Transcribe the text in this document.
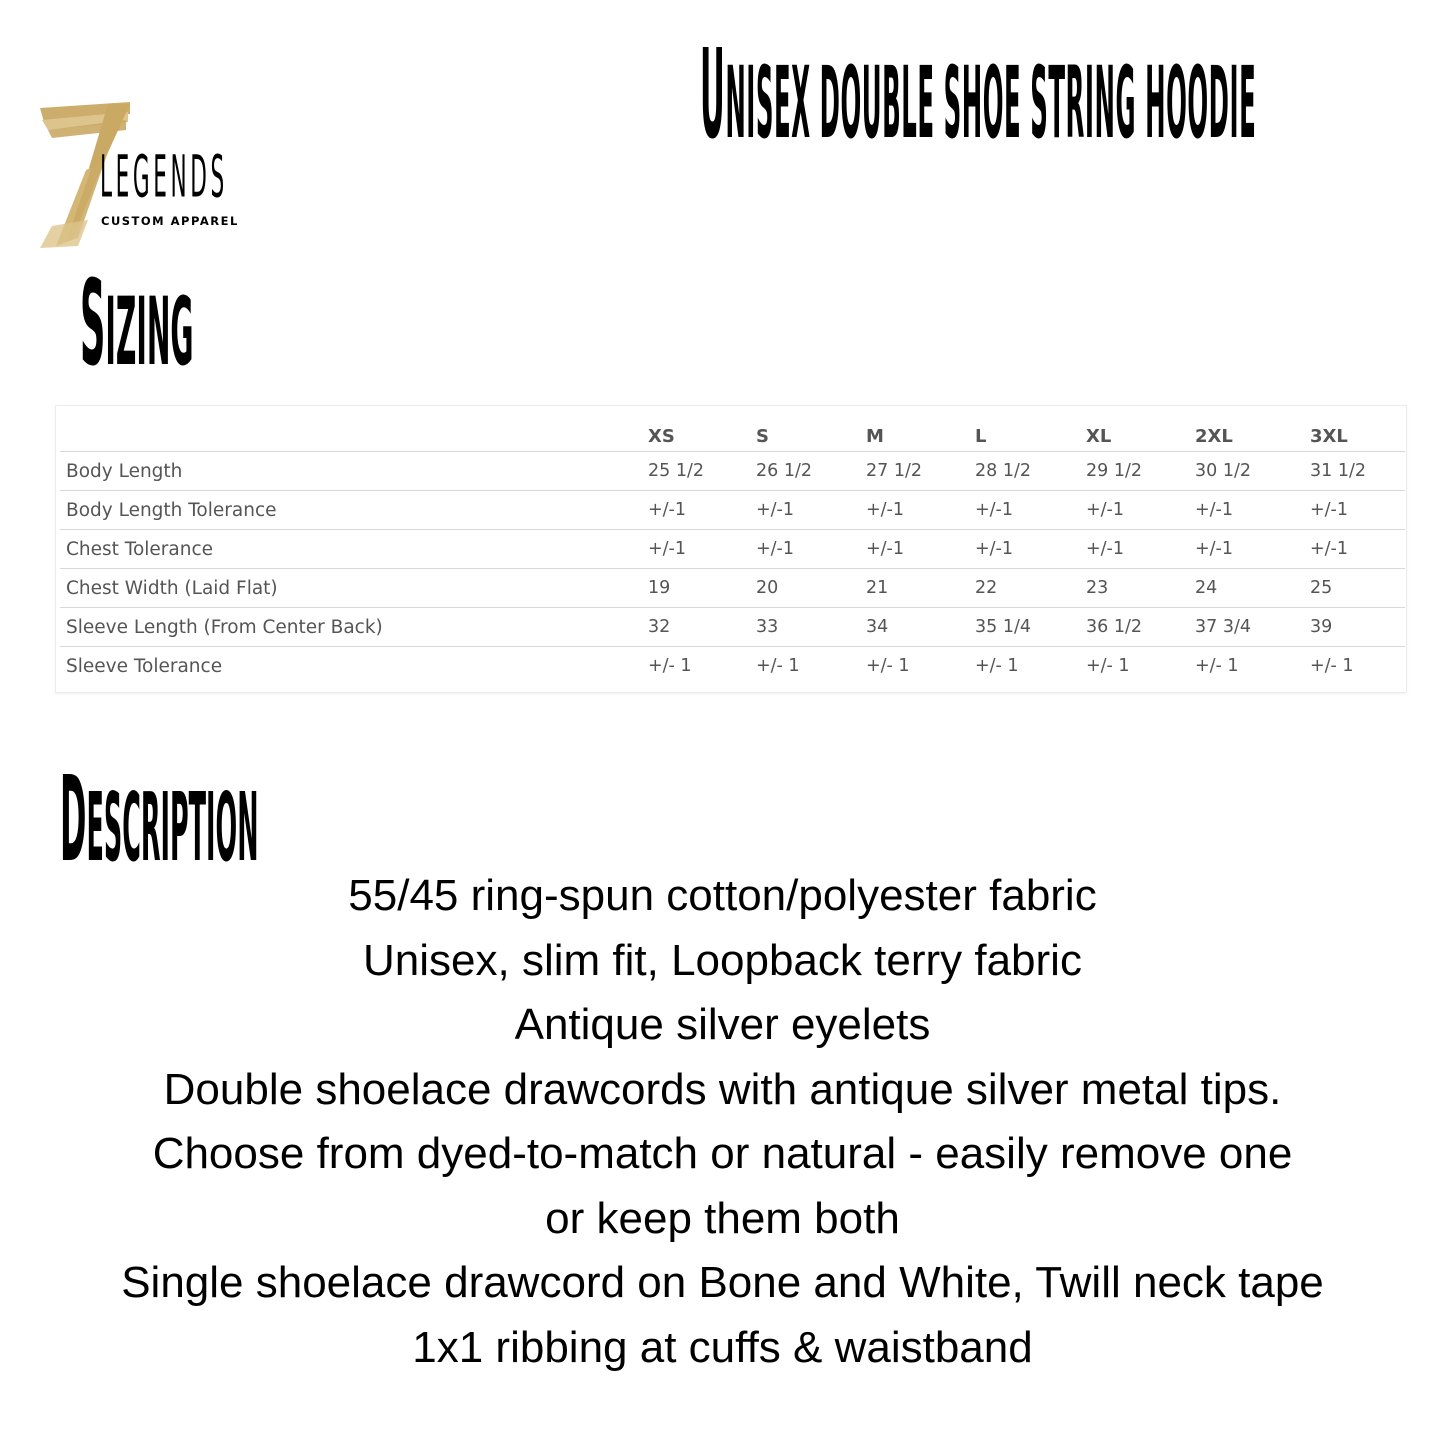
UNISEX DOUBLE SHOE STRING HOODIE
LEGENDS
CUSTOM APPAREL
SIZING
	XS	S	M	L	XL	2XL	3XL
Body Length	25 1/2	26 1/2	27 1/2	28 1/2	29 1/2	30 1/2	31 1/2
Body Length Tolerance	+/-1	+/-1	+/-1	+/-1	+/-1	+/-1	+/-1
Chest Tolerance	+/-1	+/-1	+/-1	+/-1	+/-1	+/-1	+/-1
Chest Width (Laid Flat)	19	20	21	22	23	24	25
Sleeve Length (From Center Back)	32	33	34	35 1/4	36 1/2	37 3/4	39
Sleeve Tolerance	+/- 1	+/- 1	+/- 1	+/- 1	+/- 1	+/- 1	+/- 1
DESCRIPTION
55/45 ring-spun cotton/polyester fabric
Unisex, slim fit, Loopback terry fabric
Antique silver eyelets
Double shoelace drawcords with antique silver metal tips.
Choose from dyed-to-match or natural - easily remove one
or keep them both
Single shoelace drawcord on Bone and White, Twill neck tape
1x1 ribbing at cuffs & waistband
